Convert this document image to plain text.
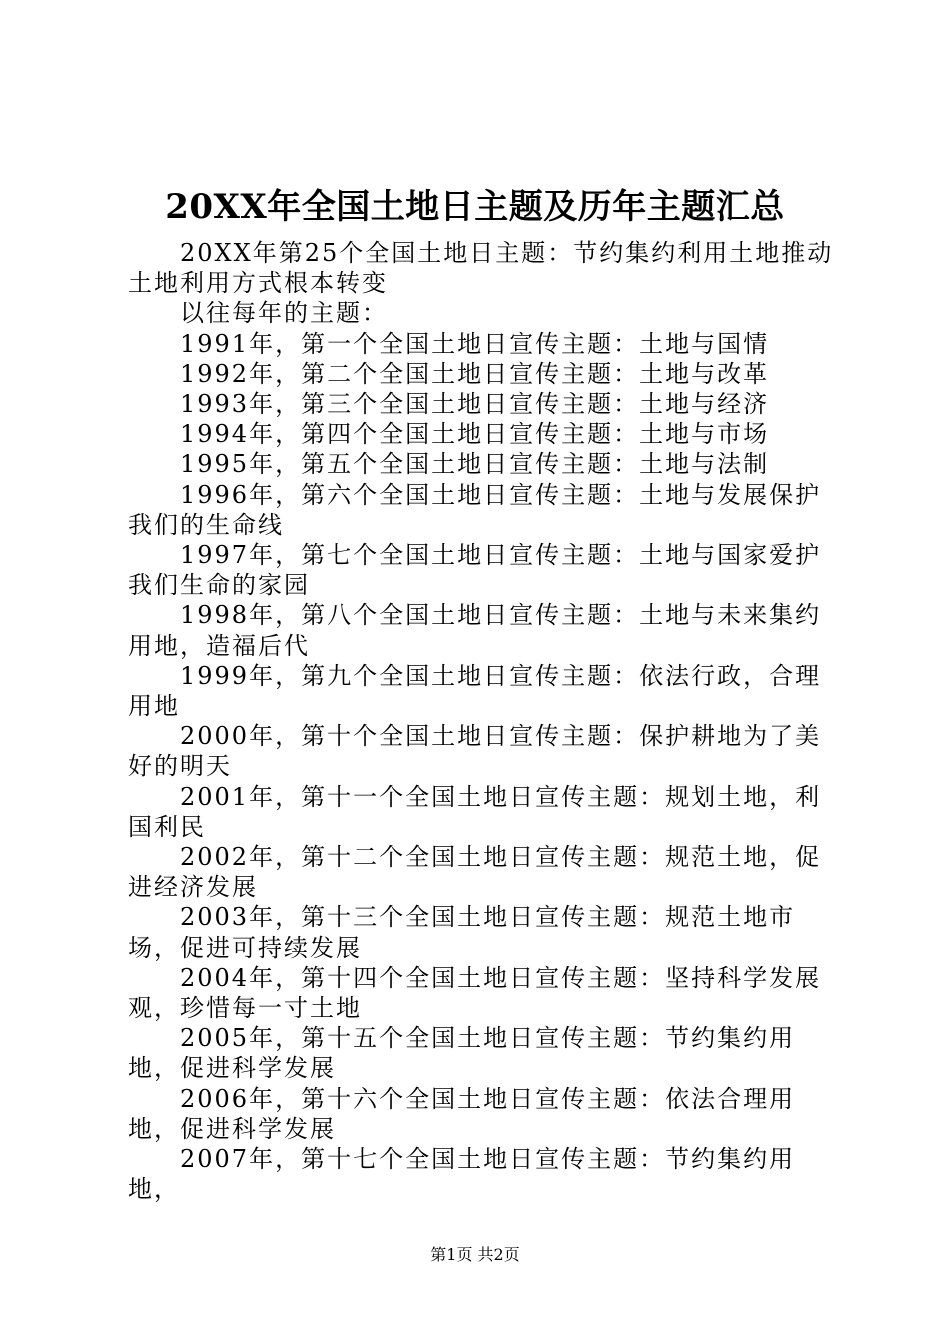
20XX年全国土地日主题及历年主题汇总

20XX年第25个全国土地日主题：节约集约利用土地推动土地利用方式根本转变

以往每年的主题：

1991年，第一个全国土地日宣传主题：土地与国情

1992年，第二个全国土地日宣传主题：土地与改革

1993年，第三个全国土地日宣传主题：土地与经济

1994年，第四个全国土地日宣传主题：土地与市场

1995年，第五个全国土地日宣传主题：土地与法制

1996年，第六个全国土地日宣传主题：土地与发展保护我们的生命线

1997年，第七个全国土地日宣传主题：土地与国家爱护我们生命的家园

1998年，第八个全国土地日宣传主题：土地与未来集约用地，造福后代

1999年，第九个全国土地日宣传主题：依法行政，合理用地

2000年，第十个全国土地日宣传主题：保护耕地为了美好的明天

2001年，第十一个全国土地日宣传主题：规划土地，利国利民

2002年，第十二个全国土地日宣传主题：规范土地，促进经济发展

2003年，第十三个全国土地日宣传主题：规范土地市场，促进可持续发展

2004年，第十四个全国土地日宣传主题：坚持科学发展观，珍惜每一寸土地

2005年，第十五个全国土地日宣传主题：节约集约用地，促进科学发展

2006年，第十六个全国土地日宣传主题：依法合理用地，促进科学发展

2007年，第十七个全国土地日宣传主题：节约集约用地，

第1页 共2页
